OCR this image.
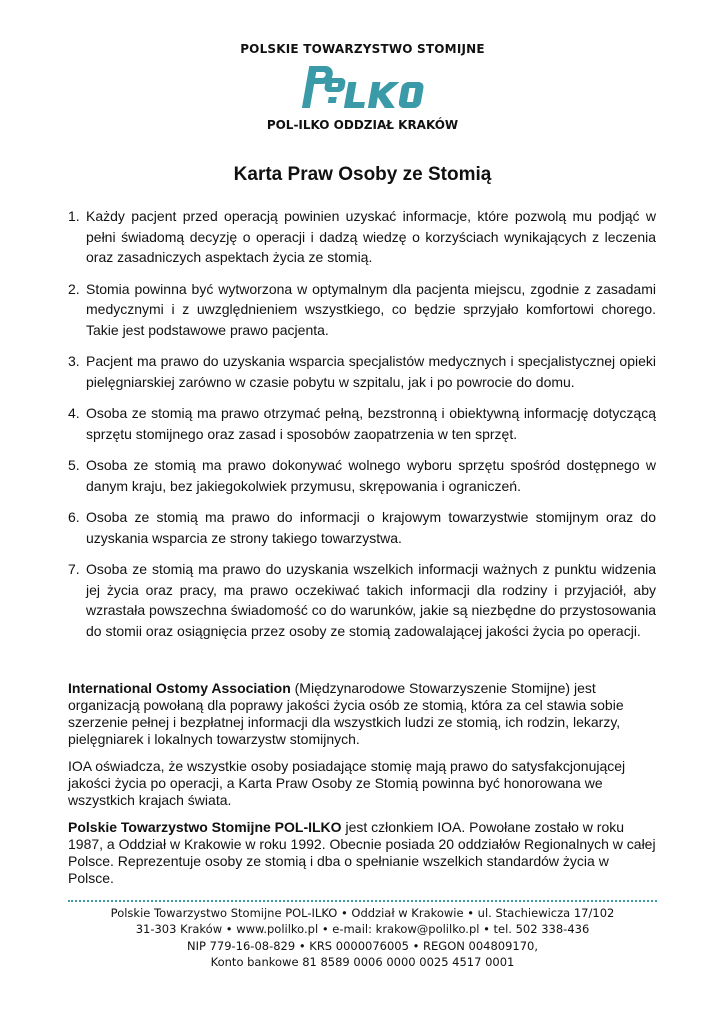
POLSKIE TOWARZYSTWO STOMIJNE
POL-ILKO ODDZIAŁ KRAKÓW
Karta Praw Osoby ze Stomią
1. Każdy pacjent przed operacją powinien uzyskać informacje, które pozwolą mu podjąć w pełni świadomą decyzję o operacji i dadzą wiedzę o korzyściach wynikających z leczenia oraz zasadniczych aspektach życia ze stomią.
2. Stomia powinna być wytworzona w optymalnym dla pacjenta miejscu, zgodnie z zasadami medycznymi i z uwzględnieniem wszystkiego, co będzie sprzyjało komfortowi chorego. Takie jest podstawowe prawo pacjenta.
3. Pacjent ma prawo do uzyskania wsparcia specjalistów medycznych i specjalistycznej opieki pielęgniarskiej zarówno w czasie pobytu w szpitalu, jak i po powrocie do domu.
4. Osoba ze stomią ma prawo otrzymać pełną, bezstronną i obiektywną informację dotyczącą sprzętu stomijnego oraz zasad i sposobów zaopatrzenia w ten sprzęt.
5. Osoba ze stomią ma prawo dokonywać wolnego wyboru sprzętu spośród dostępnego w danym kraju, bez jakiegokolwiek przymusu, skrępowania i ograniczeń.
6. Osoba ze stomią ma prawo do informacji o krajowym towarzystwie stomijnym oraz do uzyskania wsparcia ze strony takiego towarzystwa.
7. Osoba ze stomią ma prawo do uzyskania wszelkich informacji ważnych z punktu widzenia jej życia oraz pracy, ma prawo oczekiwać takich informacji dla rodziny i przyjaciół, aby wzrastała powszechna świadomość co do warunków, jakie są niezbędne do przystosowania do stomii oraz osiągnięcia przez osoby ze stomią zadowalającej jakości życia po operacji.

International Ostomy Association (Międzynarodowe Stowarzyszenie Stomijne) jest organizacją powołaną dla poprawy jakości życia osób ze stomią, która za cel stawia sobie szerzenie pełnej i bezpłatnej informacji dla wszystkich ludzi ze stomią, ich rodzin, lekarzy, pielęgniarek i lokalnych towarzystw stomijnych.

IOA oświadcza, że wszystkie osoby posiadające stomię mają prawo do satysfakcjonującej jakości życia po operacji, a Karta Praw Osoby ze Stomią powinna być honorowana we wszystkich krajach świata.

Polskie Towarzystwo Stomijne POL-ILKO jest członkiem IOA. Powołane zostało w roku 1987, a Oddział w Krakowie w roku 1992. Obecnie posiada 20 oddziałów Regionalnych w całej Polsce. Reprezentuje osoby ze stomią i dba o spełnianie wszelkich standardów życia w Polsce.

Polskie Towarzystwo Stomijne POL-ILKO • Oddział w Krakowie • ul. Stachiewicza 17/102
31-303 Kraków • www.polilko.pl • e-mail: krakow@polilko.pl • tel. 502 338-436
NIP 779-16-08-829 • KRS 0000076005 • REGON 004809170,
Konto bankowe 81 8589 0006 0000 0025 4517 0001
